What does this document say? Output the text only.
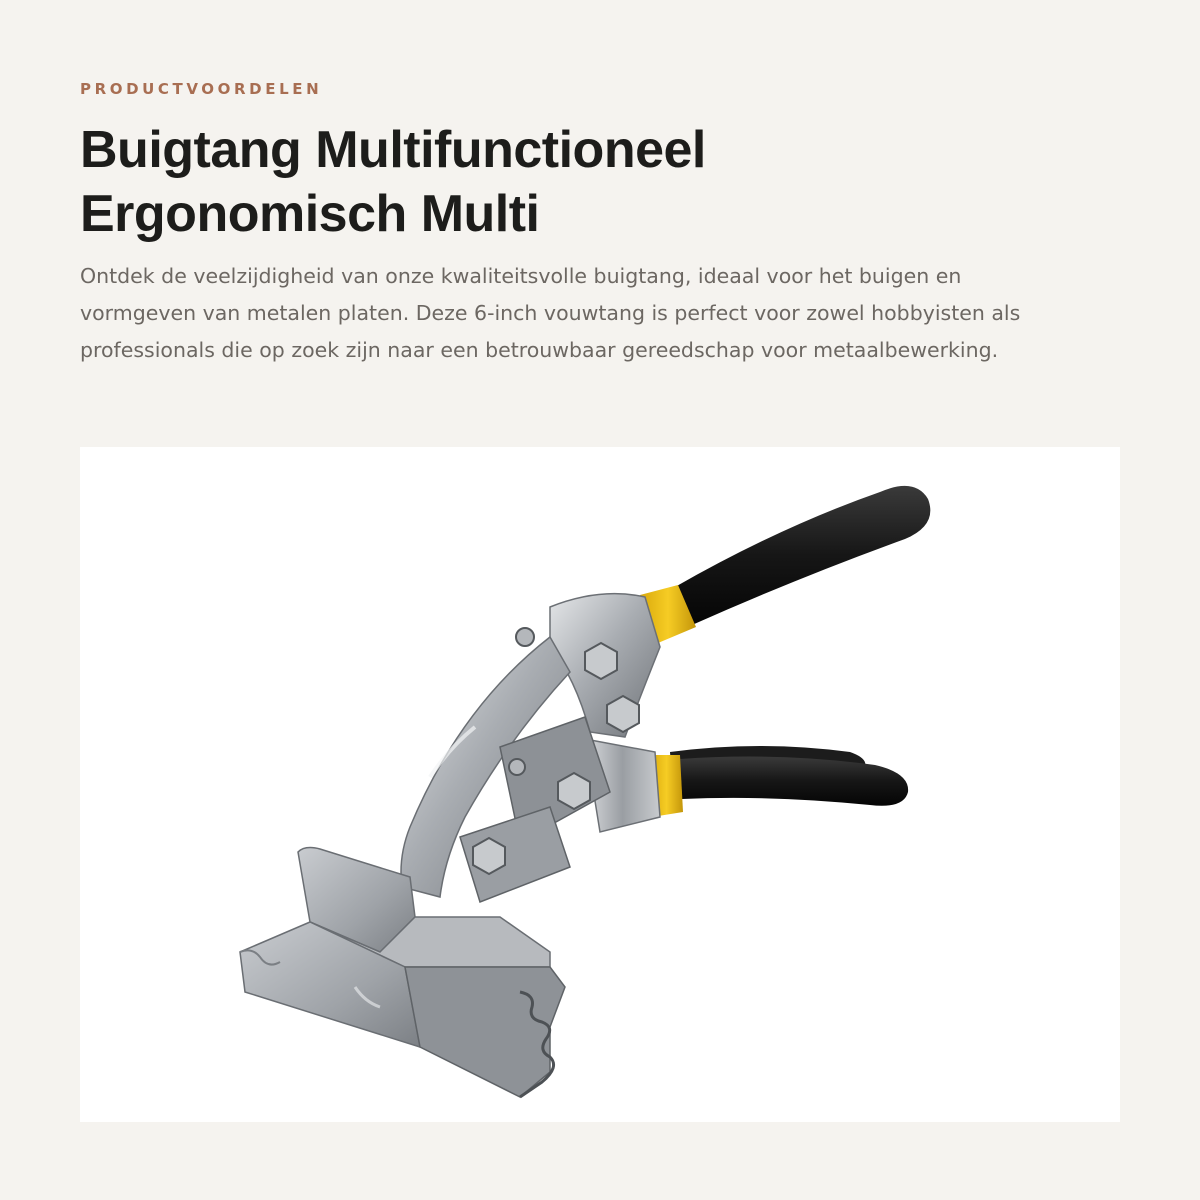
PRODUCTVOORDELEN
Buigtang Multifunctioneel
Ergonomisch Multi

Ontdek de veelzijdigheid van onze kwaliteitsvolle buigtang, ideaal voor het buigen en vormgeven van metalen platen. Deze 6-inch vouwtang is perfect voor zowel hobbyisten als professionals die op zoek zijn naar een betrouwbaar gereedschap voor metaalbewerking.
